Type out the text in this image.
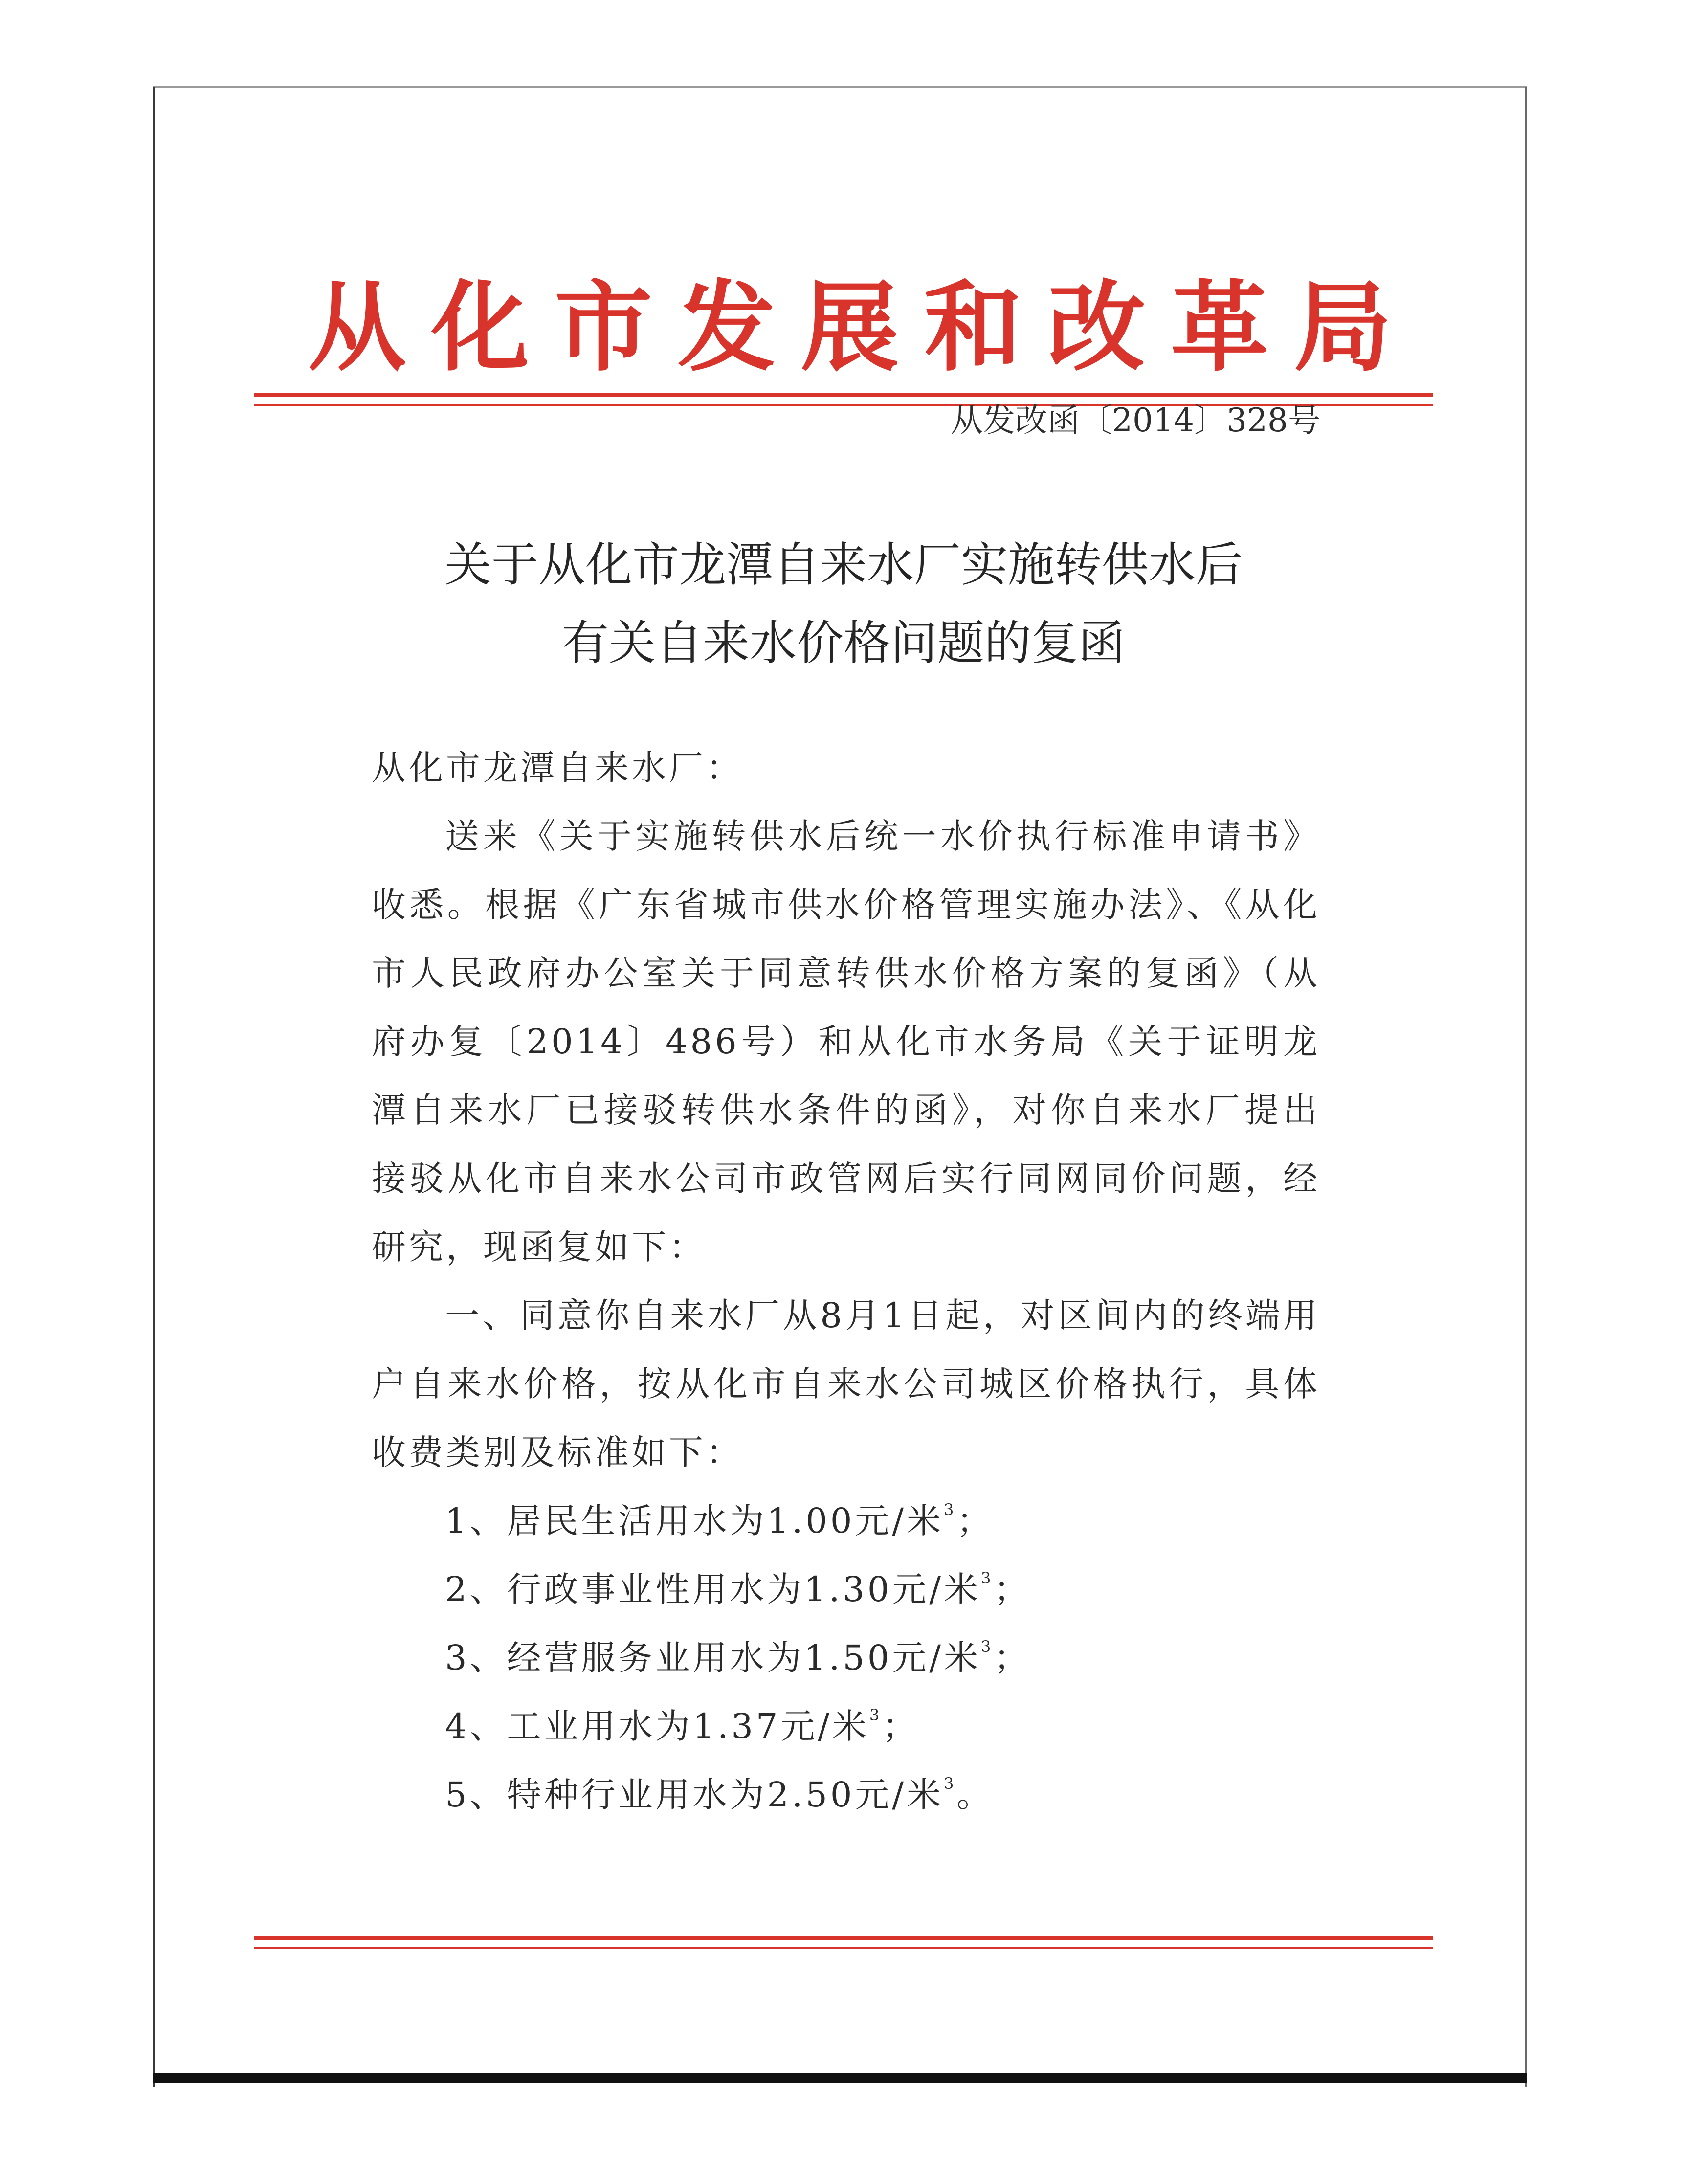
从化市发展和改革局
从发改函〔2014〕328号
关于从化市龙潭自来水厂实施转供水后
有关自来水价格问题的复函

从化市龙潭自来水厂：

送来《关于实施转供水后统一水价执行标准申请书》收悉。根据《广东省城市供水价格管理实施办法》、《从化市人民政府办公室关于同意转供水价格方案的复函》（从府办复〔2014〕486号）和从化市水务局《关于证明龙潭自来水厂已接驳转供水条件的函》，对你自来水厂提出接驳从化市自来水公司市政管网后实行同网同价问题，经研究，现函复如下：

一、同意你自来水厂从8月1日起，对区间内的终端用户自来水价格，按从化市自来水公司城区价格执行，具体收费类别及标准如下：

1、居民生活用水为1.00元/米$^3$；

2、行政事业性用水为1.30元/米$^3$；

3、经营服务业用水为1.50元/米$^3$；

4、工业用水为1.37元/米$^3$；

5、特种行业用水为2.50元/米$^3$。
